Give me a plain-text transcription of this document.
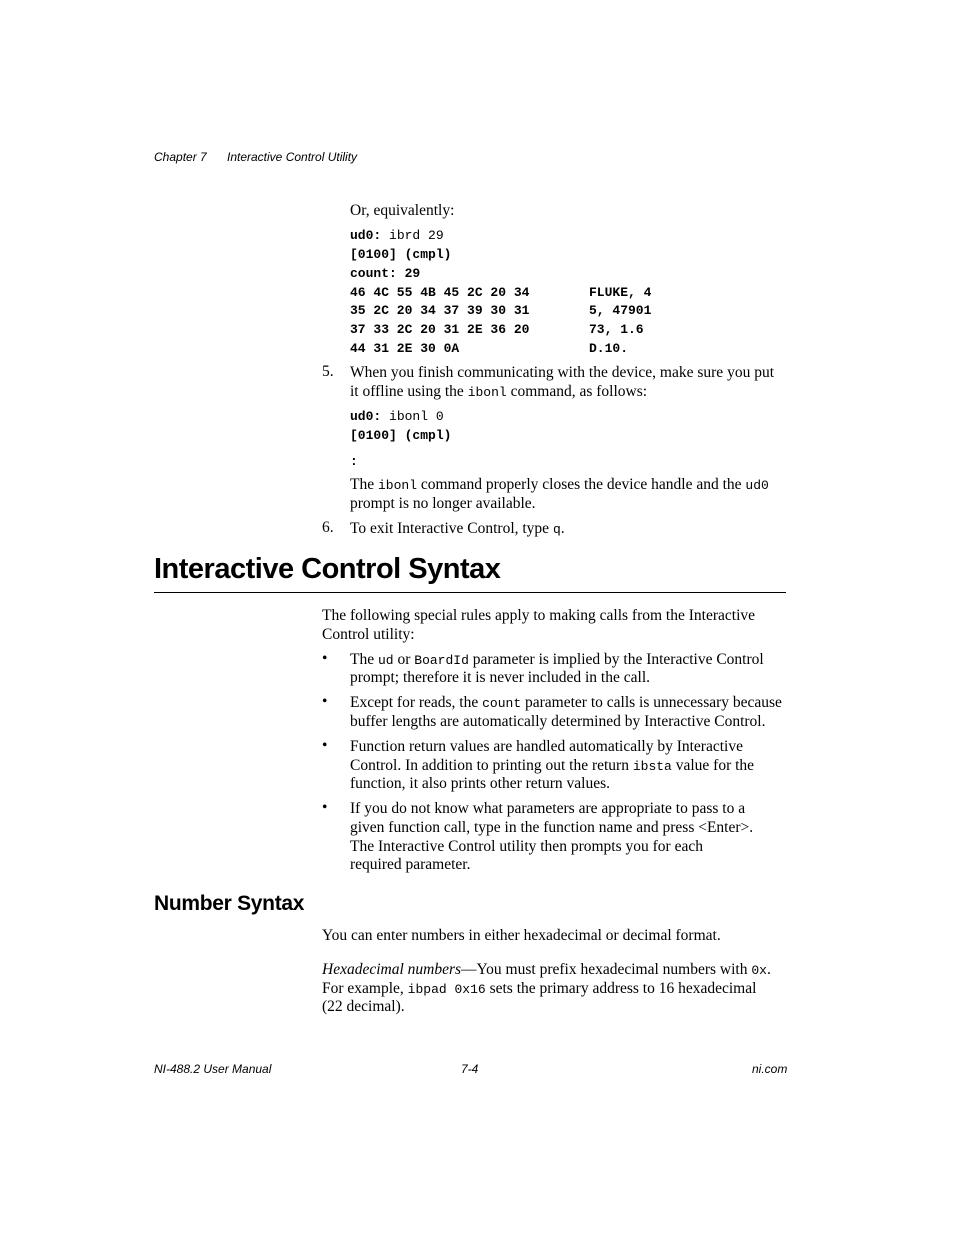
Chapter 7 Interactive Control Utility
Or, equivalently:
ud0: ibrd 29
[0100] (cmpl)
count: 29
46 4C 55 4B 45 2C 20 34	FLUKE, 4
35 2C 20 34 37 39 30 31	5, 47901
37 33 2C 20 31 2E 36 20	73, 1.6
44 31 2E 30 0A	D.10.
5. When you finish communicating with the device, make sure you put
it offline using the ibonl command, as follows:
ud0: ibonl 0
[0100] (cmpl)
:
The ibonl command properly closes the device handle and the ud0
prompt is no longer available.
6. To exit Interactive Control, type q.
Interactive Control Syntax
The following special rules apply to making calls from the Interactive
Control utility:
• The ud or BoardId parameter is implied by the Interactive Control
prompt; therefore it is never included in the call.
• Except for reads, the count parameter to calls is unnecessary because
buffer lengths are automatically determined by Interactive Control.
• Function return values are handled automatically by Interactive
Control. In addition to printing out the return ibsta value for the
function, it also prints other return values.
• If you do not know what parameters are appropriate to pass to a
given function call, type in the function name and press <Enter>.
The Interactive Control utility then prompts you for each
required parameter.
Number Syntax
You can enter numbers in either hexadecimal or decimal format.
Hexadecimal numbers—You must prefix hexadecimal numbers with 0x.
For example, ibpad 0x16 sets the primary address to 16 hexadecimal
(22 decimal).
NI-488.2 User Manual	7-4	ni.com
